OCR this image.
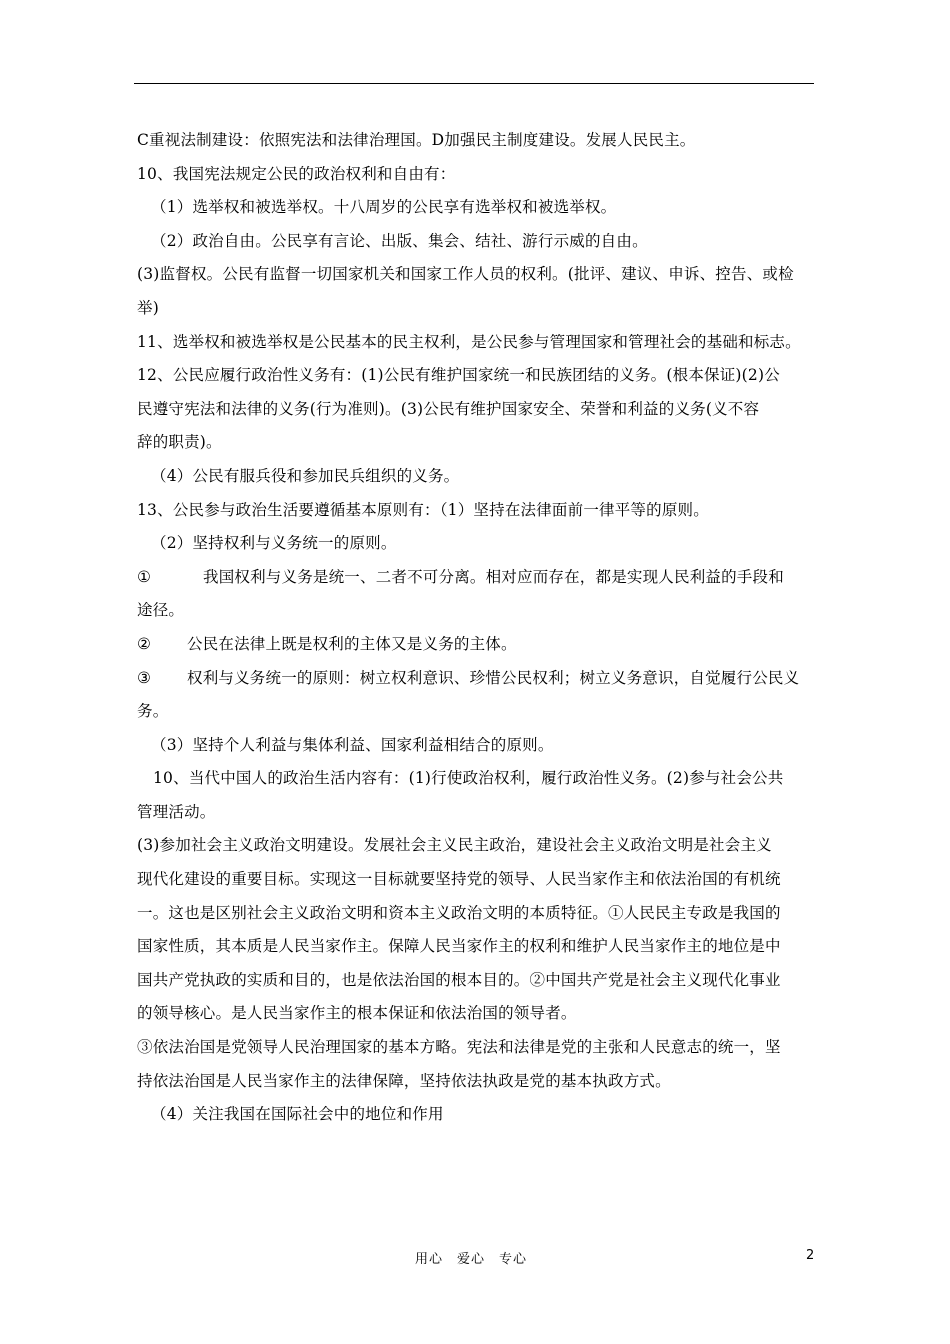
C重视法制建设：依照宪法和法律治理国。D加强民主制度建设。发展人民民主。
10、我国宪法规定公民的政治权利和自由有：
（1）选举权和被选举权。十八周岁的公民享有选举权和被选举权。
（2）政治自由。公民享有言论、出版、集会、结社、游行示威的自由。
(3)监督权。公民有监督一切国家机关和国家工作人员的权利。(批评、建议、申诉、控告、或检
举)
11、选举权和被选举权是公民基本的民主权利，是公民参与管理国家和管理社会的基础和标志。
12、公民应履行政治性义务有：(1)公民有维护国家统一和民族团结的义务。(根本保证)(2)公
民遵守宪法和法律的义务(行为准则)。(3)公民有维护国家安全、荣誉和利益的义务(义不容
辞的职责)。
（4）公民有服兵役和参加民兵组织的义务。
13、公民参与政治生活要遵循基本原则有：（1）坚持在法律面前一律平等的原则。
（2）坚持权利与义务统一的原则。
①	我国权利与义务是统一、二者不可分离。相对应而存在，都是实现人民利益的手段和
途径。
② 公民在法律上既是权利的主体又是义务的主体。
③ 权利与义务统一的原则：树立权利意识、珍惜公民权利；树立义务意识，自觉履行公民义
务。
（3）坚持个人利益与集体利益、国家利益相结合的原则。
10、当代中国人的政治生活内容有：(1)行使政治权利，履行政治性义务。(2)参与社会公共
管理活动。
(3)参加社会主义政治文明建设。发展社会主义民主政治，建设社会主义政治文明是社会主义
现代化建设的重要目标。实现这一目标就要坚持党的领导、人民当家作主和依法治国的有机统
一。这也是区别社会主义政治文明和资本主义政治文明的本质特征。①人民民主专政是我国的
国家性质，其本质是人民当家作主。保障人民当家作主的权利和维护人民当家作主的地位是中
国共产党执政的实质和目的，也是依法治国的根本目的。②中国共产党是社会主义现代化事业
的领导核心。是人民当家作主的根本保证和依法治国的领导者。
③依法治国是党领导人民治理国家的基本方略。宪法和法律是党的主张和人民意志的统一，坚
持依法治国是人民当家作主的法律保障，坚持依法执政是党的基本执政方式。
（4）关注我国在国际社会中的地位和作用
用心 爱心 专心	2
